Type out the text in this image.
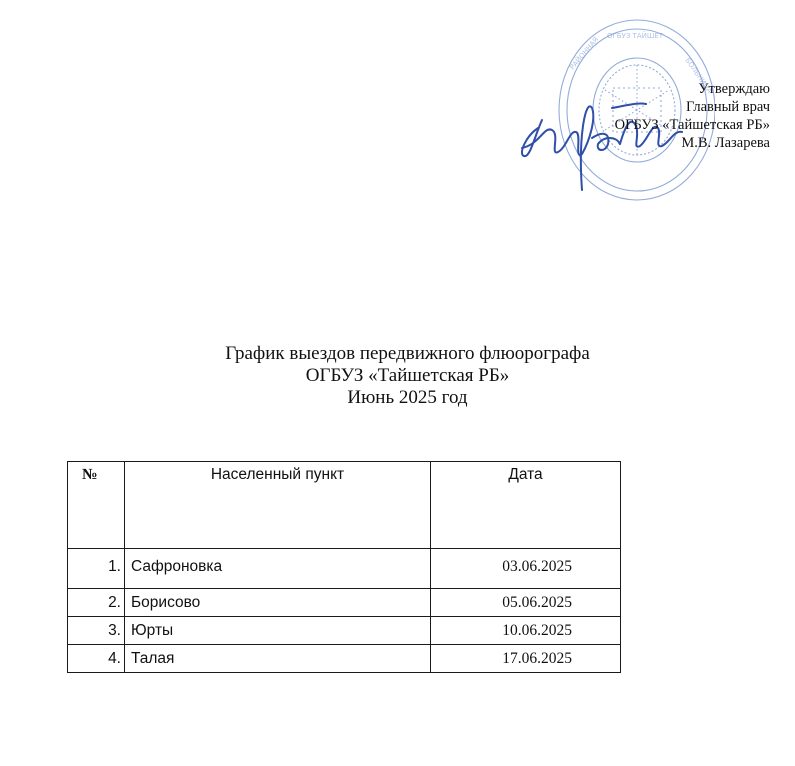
ОГБУЗ ТАЙШЕТ
РАЙОННАЯ
БОЛЬНИЦА
Утверждаю
Главный врач
ОГБУЗ «Тайшетская РБ»
М.В. Лазарева
График выездов передвижного флюорографа
ОГБУЗ «Тайшетская РБ»
Июнь 2025 год
№	Населенный пункт	Дата
1.	Сафроновка	03.06.2025
2.	Борисово	05.06.2025
3.	Юрты	10.06.2025
4.	Талая	17.06.2025
